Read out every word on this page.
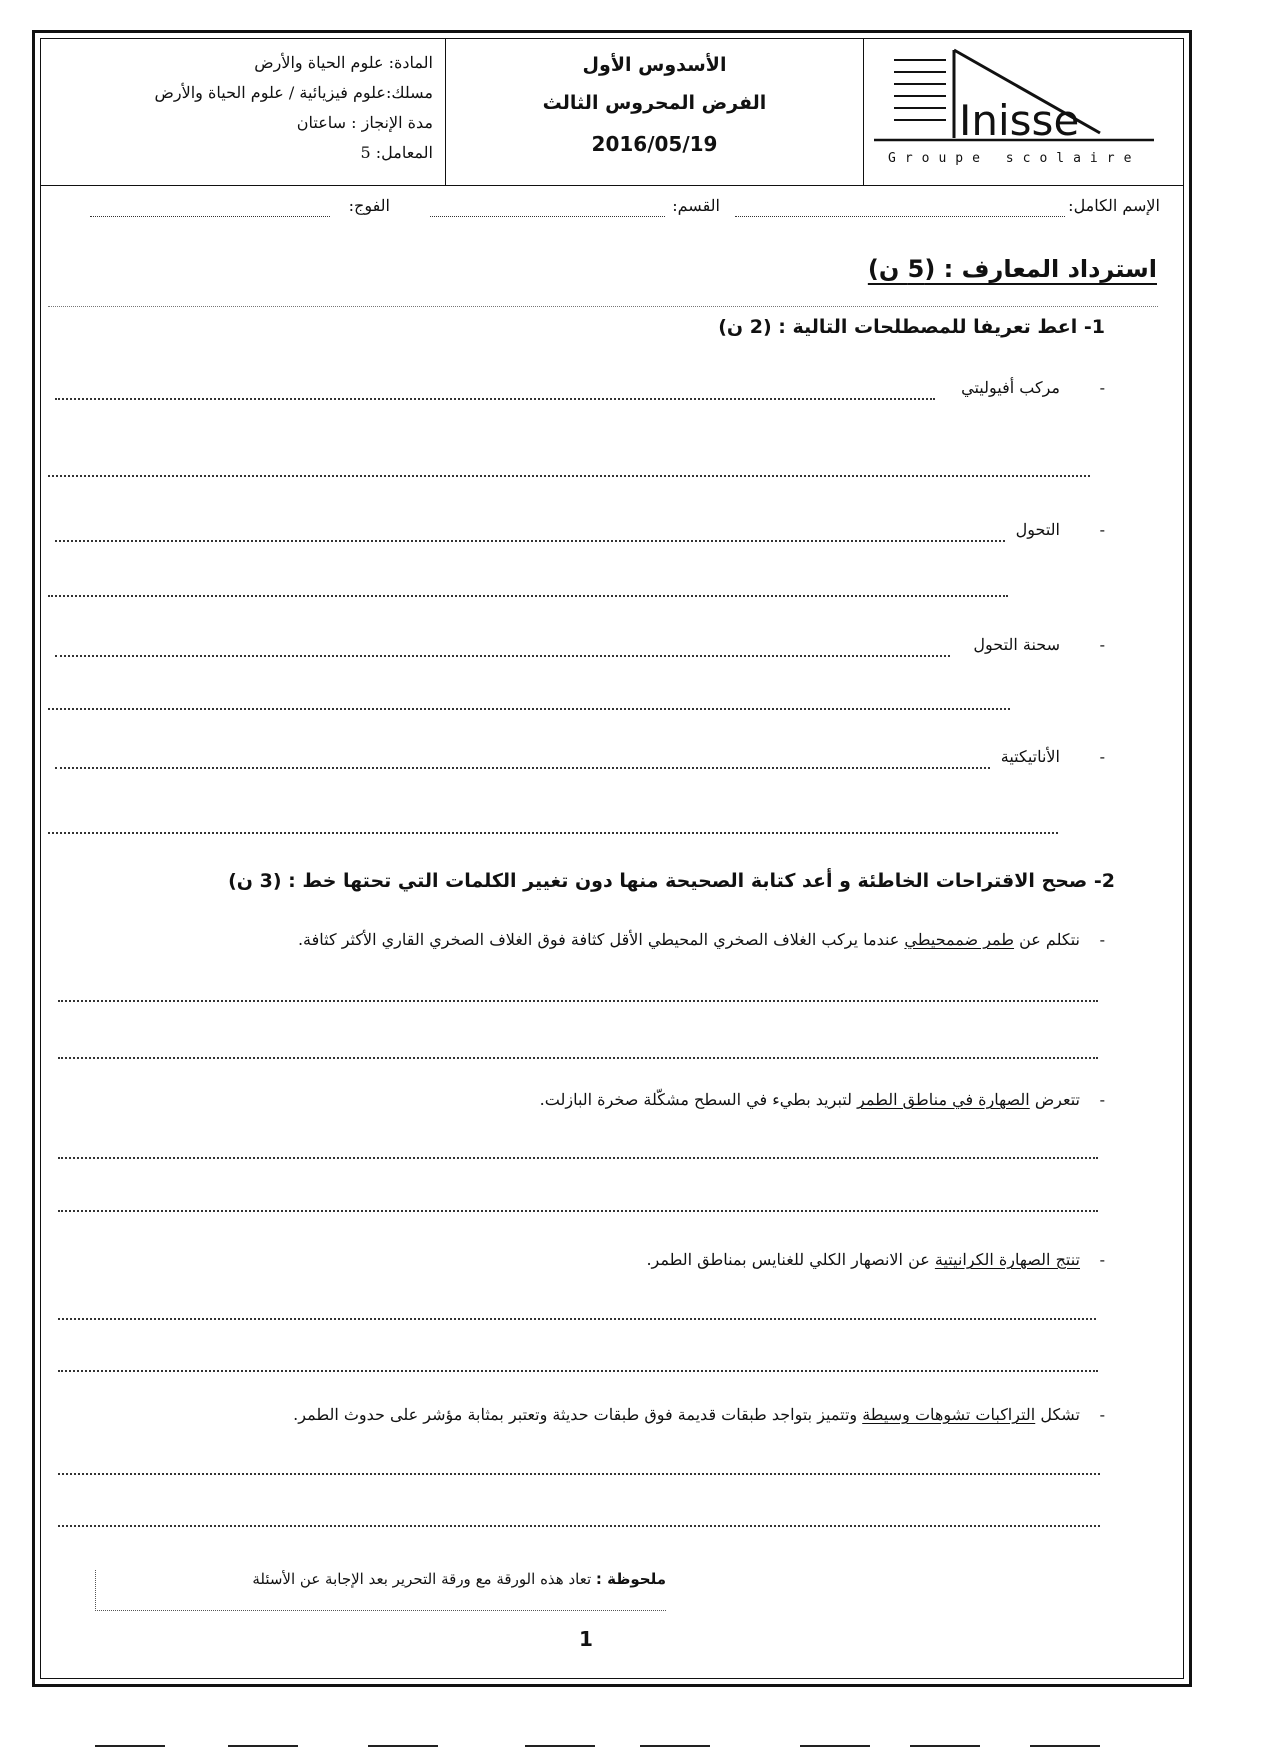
Inisse
Groupe scolaire
الأسدوس الأول
الفرض المحروس الثالث
2016/05/19
المادة: علوم الحياة والأرض
مسلك:علوم فيزيائية / علوم الحياة والأرض
مدة الإنجاز : ساعتان
المعامل: 5
الإسم الكامل:
القسم:
الفوج:
استرداد المعارف : (5 ن)
1- اعط تعريفا للمصطلحات التالية : (2 ن)
-
مركب أفيوليتي
-
التحول
-
سحنة التحول
-
الأناتيكتية
2- صحح الاقتراحات الخاطئة و أعد كتابة الصحيحة منها دون تغيير الكلمات التي تحتها خط : (3 ن)
-
نتكلم عن طمر ضممحيطي عندما يركب الغلاف الصخري المحيطي الأقل كثافة فوق الغلاف الصخري القاري الأكثر كثافة.
-
تتعرض الصهارة في مناطق الطمر لتبريد بطيء في السطح مشكّلة صخرة البازلت.
-
تنتج الصهارة الكرانيتية عن الانصهار الكلي للغنايس بمناطق الطمر.
-
تشكل التراكبات تشوهات وسيطة وتتميز بتواجد طبقات قديمة فوق طبقات حديثة وتعتبر بمثابة مؤشر على حدوث الطمر.
ملحوظة : تعاد هذه الورقة مع ورقة التحرير بعد الإجابة عن الأسئلة
1
